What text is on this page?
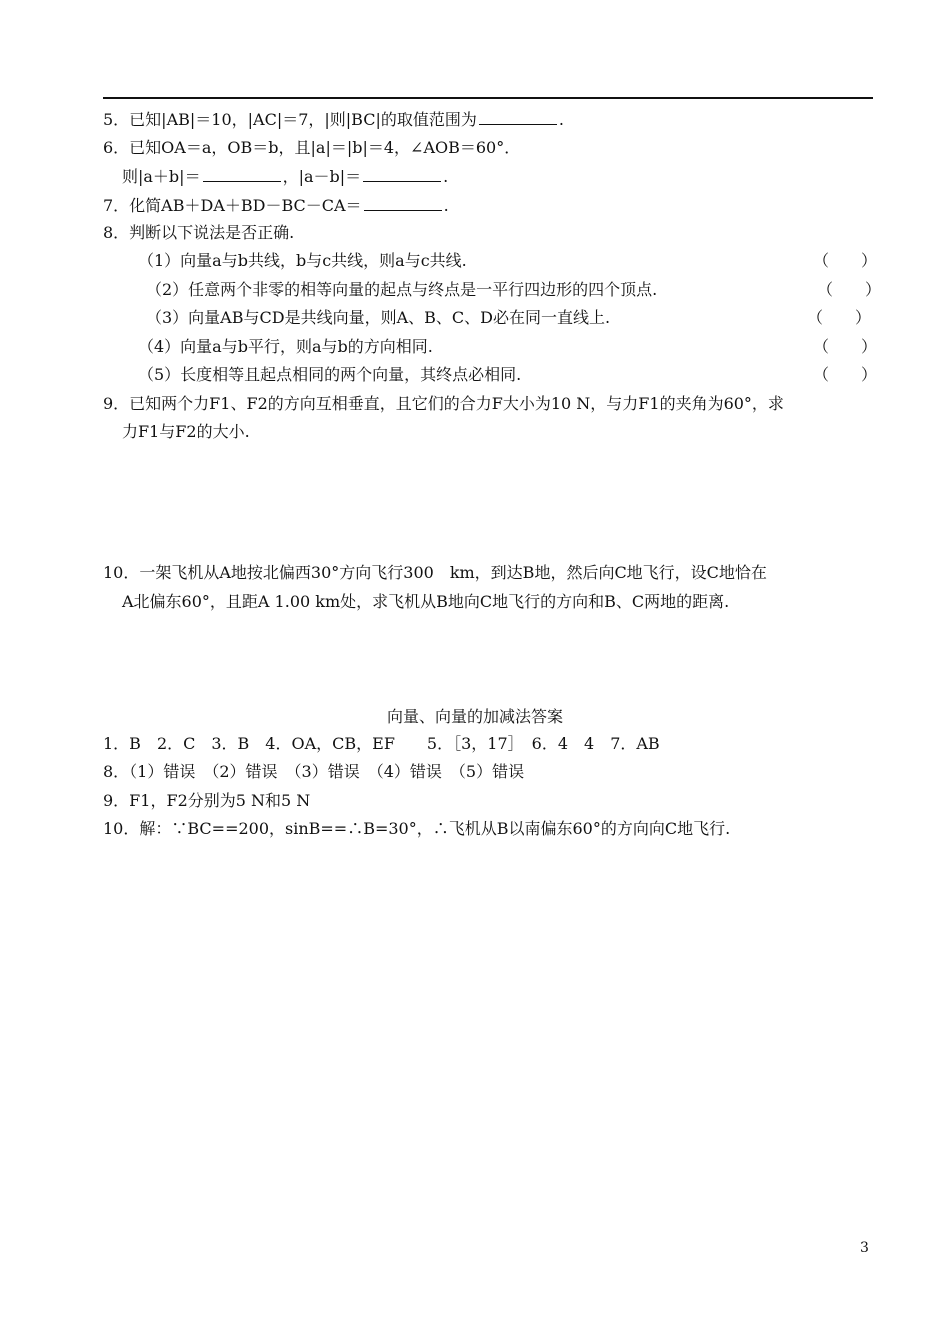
5．已知|AB|＝10，|AC|＝7，|则|BC|的取值范围为	.
6．已知OA＝a，OB＝b，且|a|＝|b|＝4，∠AOB＝60°．
则|a＋b|＝	，|a－b|＝	.
7．化简AB＋DA＋BD－BC－CA＝	.
8．判断以下说法是否正确.
（1）向量a与b共线，b与c共线，则a与c共线.	（　　）
（2）任意两个非零的相等向量的起点与终点是一平行四边形的四个顶点.	（　　）
（3）向量AB与CD是共线向量，则A、B、C、D必在同一直线上.	（　　）
（4）向量a与b平行，则a与b的方向相同.	（　　）
（5）长度相等且起点相同的两个向量，其终点必相同.	（　　）
9．已知两个力F1、F2的方向互相垂直，且它们的合力F大小为10 N，与力F1的夹角为60°，求
力F1与F2的大小.
10．一架飞机从A地按北偏西30°方向飞行300　km，到达B地，然后向C地飞行，设C地恰在
A北偏东60°，且距A 1.00 km处，求飞机从B地向C地飞行的方向和B、C两地的距离.
向量、向量的加减法答案
1．B　2．C　3．B　4．OA，CB，EF　　5．［3，17］　6．4　4　7．AB
8．（1）错误　（2）错误　（3）错误　（4）错误　（5）错误
9．F1，F2分别为5 N和5 N
10．解：∵BC==200，sinB==∴B=30°，∴飞机从B以南偏东60°的方向向C地飞行.
3
